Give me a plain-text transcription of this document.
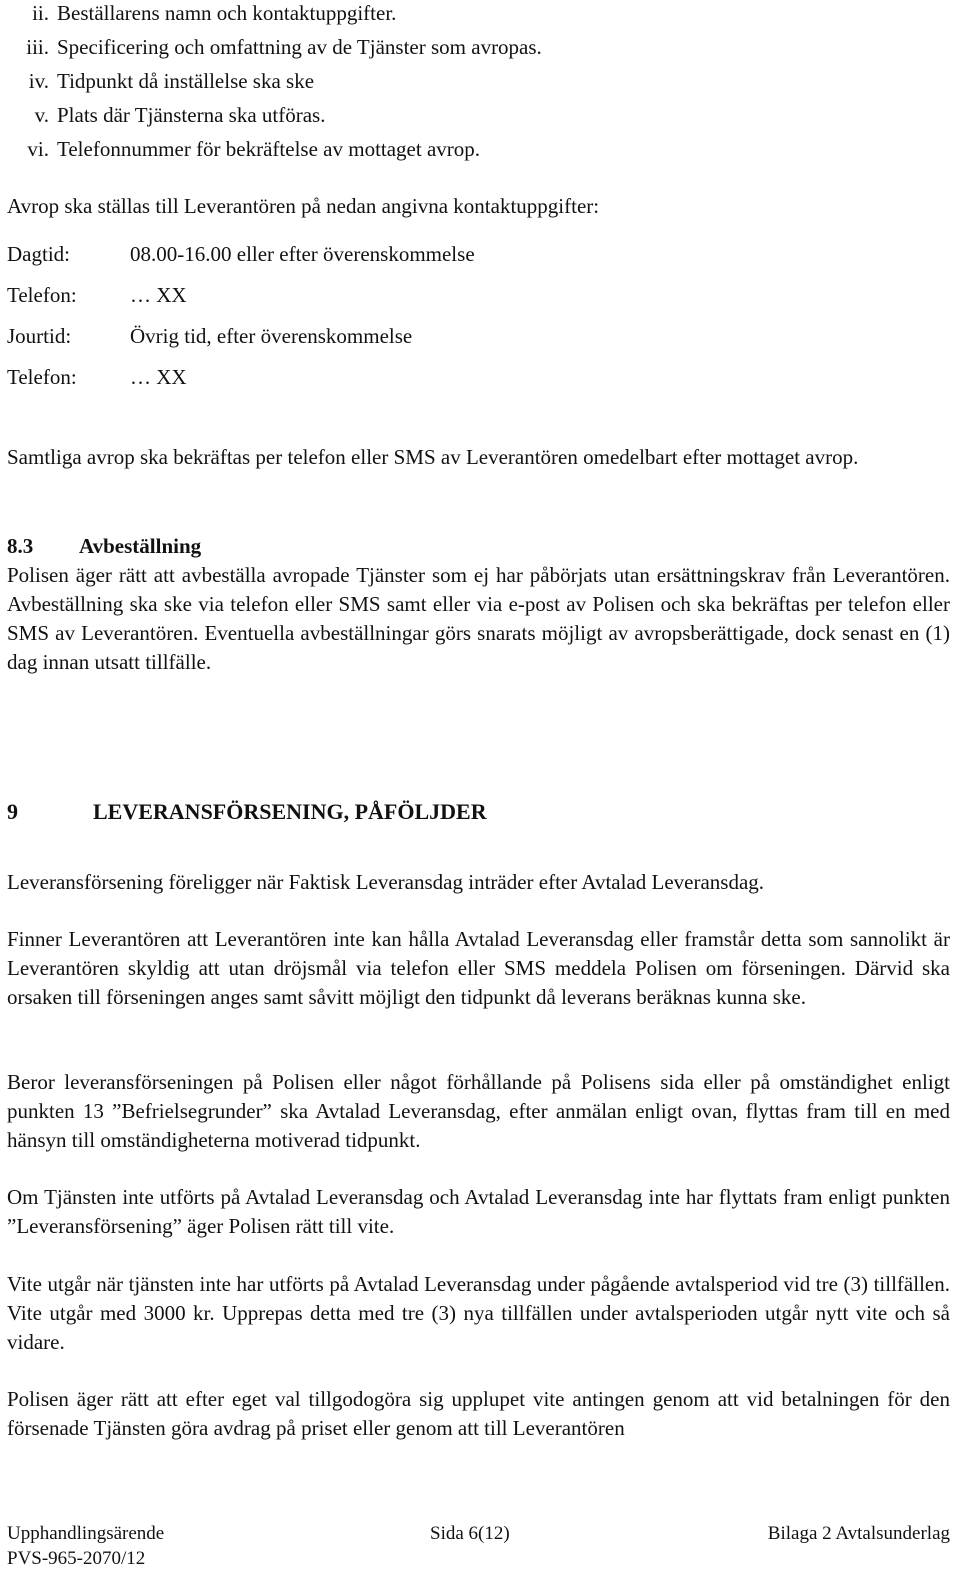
ii. Beställarens namn och kontaktuppgifter.
iii. Specificering och omfattning av de Tjänster som avropas.
iv. Tidpunkt då inställelse ska ske
v. Plats där Tjänsterna ska utföras.
vi. Telefonnummer för bekräftelse av mottaget avrop.
Avrop ska ställas till Leverantören på nedan angivna kontaktuppgifter:
Dagtid:	08.00-16.00 eller efter överenskommelse
Telefon:	… XX
Jourtid:	Övrig tid, efter överenskommelse
Telefon:	… XX

Samtliga avrop ska bekräftas per telefon eller SMS av Leverantören omedelbart efter mottaget avrop.

8.3	Avbeställning

Polisen äger rätt att avbeställa avropade Tjänster som ej har påbörjats utan ersättningskrav från Leverantören. Avbeställning ska ske via telefon eller SMS samt eller via e-post av Polisen och ska bekräftas per telefon eller SMS av Leverantören. Eventuella avbeställningar görs snarats möjligt av avropsberättigade, dock senast en (1) dag innan utsatt tillfälle.

9	LEVERANSFÖRSENING, PÅFÖLJDER

Leveransförsening föreligger när Faktisk Leveransdag inträder efter Avtalad Leveransdag.

Finner Leverantören att Leverantören inte kan hålla Avtalad Leveransdag eller framstår detta som sannolikt är Leverantören skyldig att utan dröjsmål via telefon eller SMS meddela Polisen om förseningen. Därvid ska orsaken till förseningen anges samt såvitt möjligt den tidpunkt då leverans beräknas kunna ske.

Beror leveransförseningen på Polisen eller något förhållande på Polisens sida eller på omständighet enligt punkten 13 ”Befrielsegrunder” ska Avtalad Leveransdag, efter anmälan enligt ovan, flyttas fram till en med hänsyn till omständigheterna motiverad tidpunkt.

Om Tjänsten inte utförts på Avtalad Leveransdag och Avtalad Leveransdag inte har flyttats fram enligt punkten ”Leveransförsening” äger Polisen rätt till vite.

Vite utgår när tjänsten inte har utförts på Avtalad Leveransdag under pågående avtalsperiod vid tre (3) tillfällen. Vite utgår med 3000 kr. Upprepas detta med tre (3) nya tillfällen under avtalsperioden utgår nytt vite och så vidare.

Polisen äger rätt att efter eget val tillgodogöra sig upplupet vite antingen genom att vid betalningen för den försenade Tjänsten göra avdrag på priset eller genom att till Leverantören

Upphandlingsärende	Bilaga 2 Avtalsunderlag
Sida 6(12)
PVS-965-2070/12
